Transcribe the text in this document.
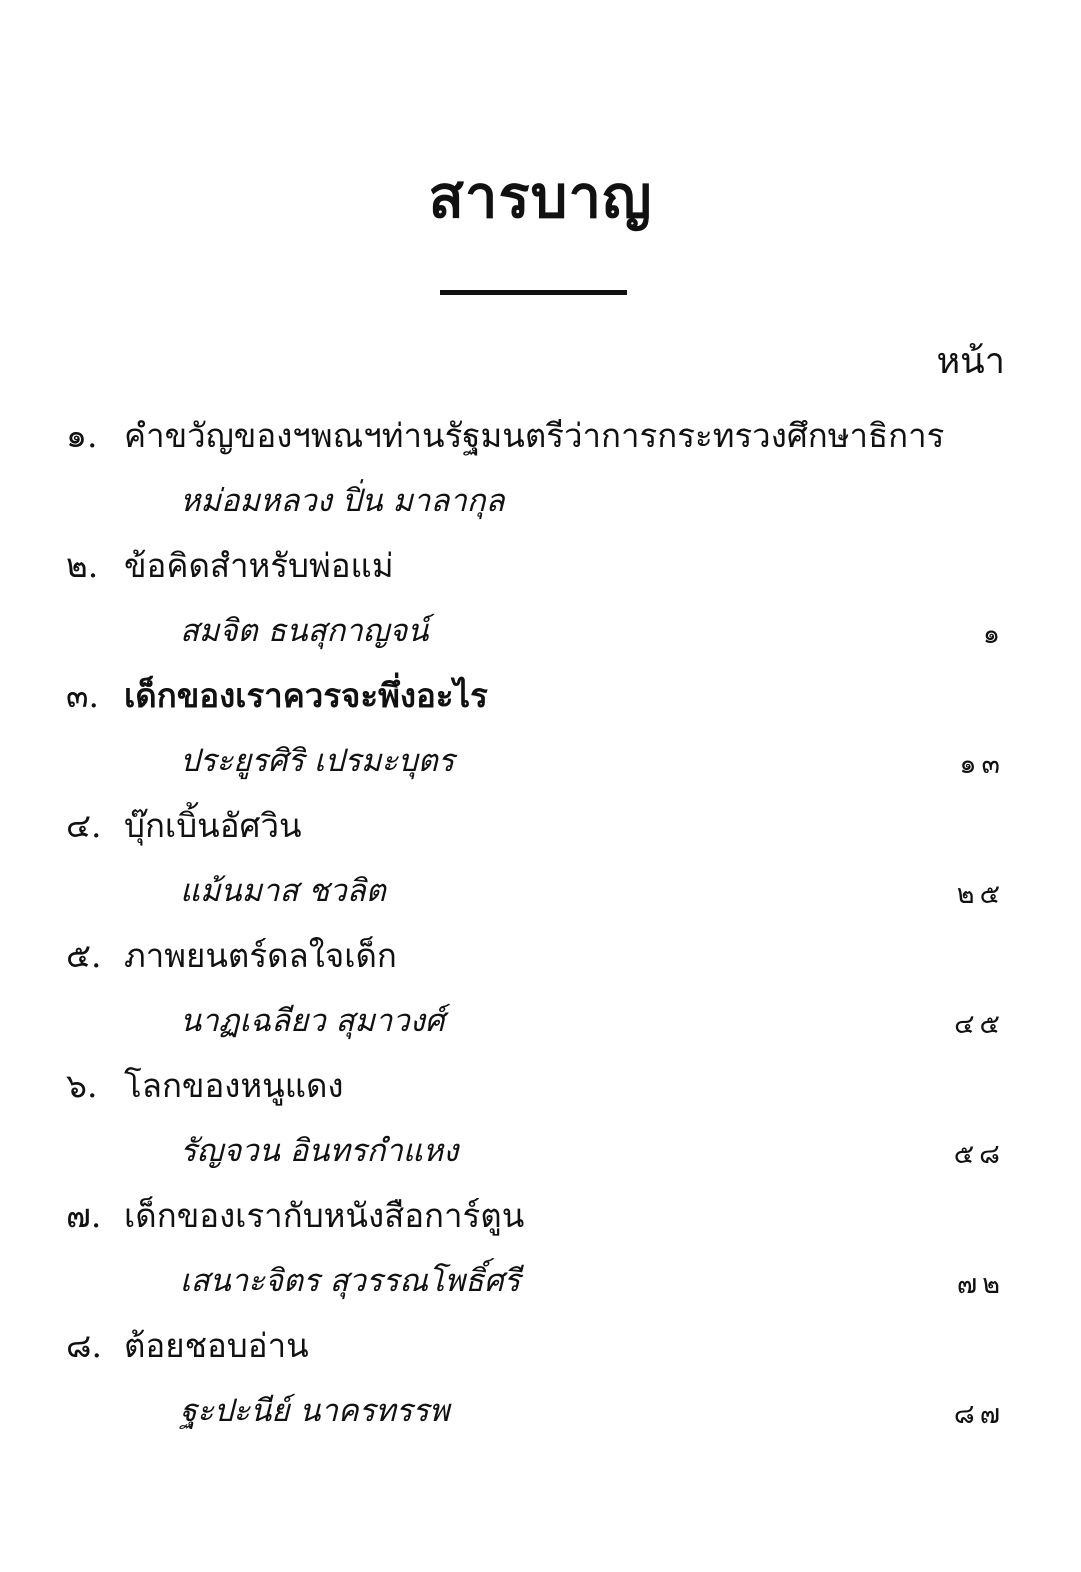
สารบาญ
หน้า
๑. คำขวัญของฯพณฯท่านรัฐมนตรีว่าการกระทรวงศึกษาธิการ
หม่อมหลวง ปิ่น มาลากุล
๒. ข้อคิดสำหรับพ่อแม่
สมจิต ธนสุกาญจน์	๑
๓. เด็กของเราควรจะพึ่งอะไร
ประยูรศิริ เปรมะบุตร	๑๓
๔. บุ๊กเบิ้นอัศวิน
แม้นมาส ชวลิต	๒๕
๕. ภาพยนตร์ดลใจเด็ก
นาฏเฉลียว สุมาวงศ์	๔๕
๖. โลกของหนูแดง
รัญจวน อินทรกำแหง	๕๘
๗. เด็กของเรากับหนังสือการ์ตูน
เสนาะจิตร สุวรรณโพธิ์ศรี	๗๒
๘. ต้อยชอบอ่าน
ฐะปะนีย์ นาครทรรพ	๘๗
